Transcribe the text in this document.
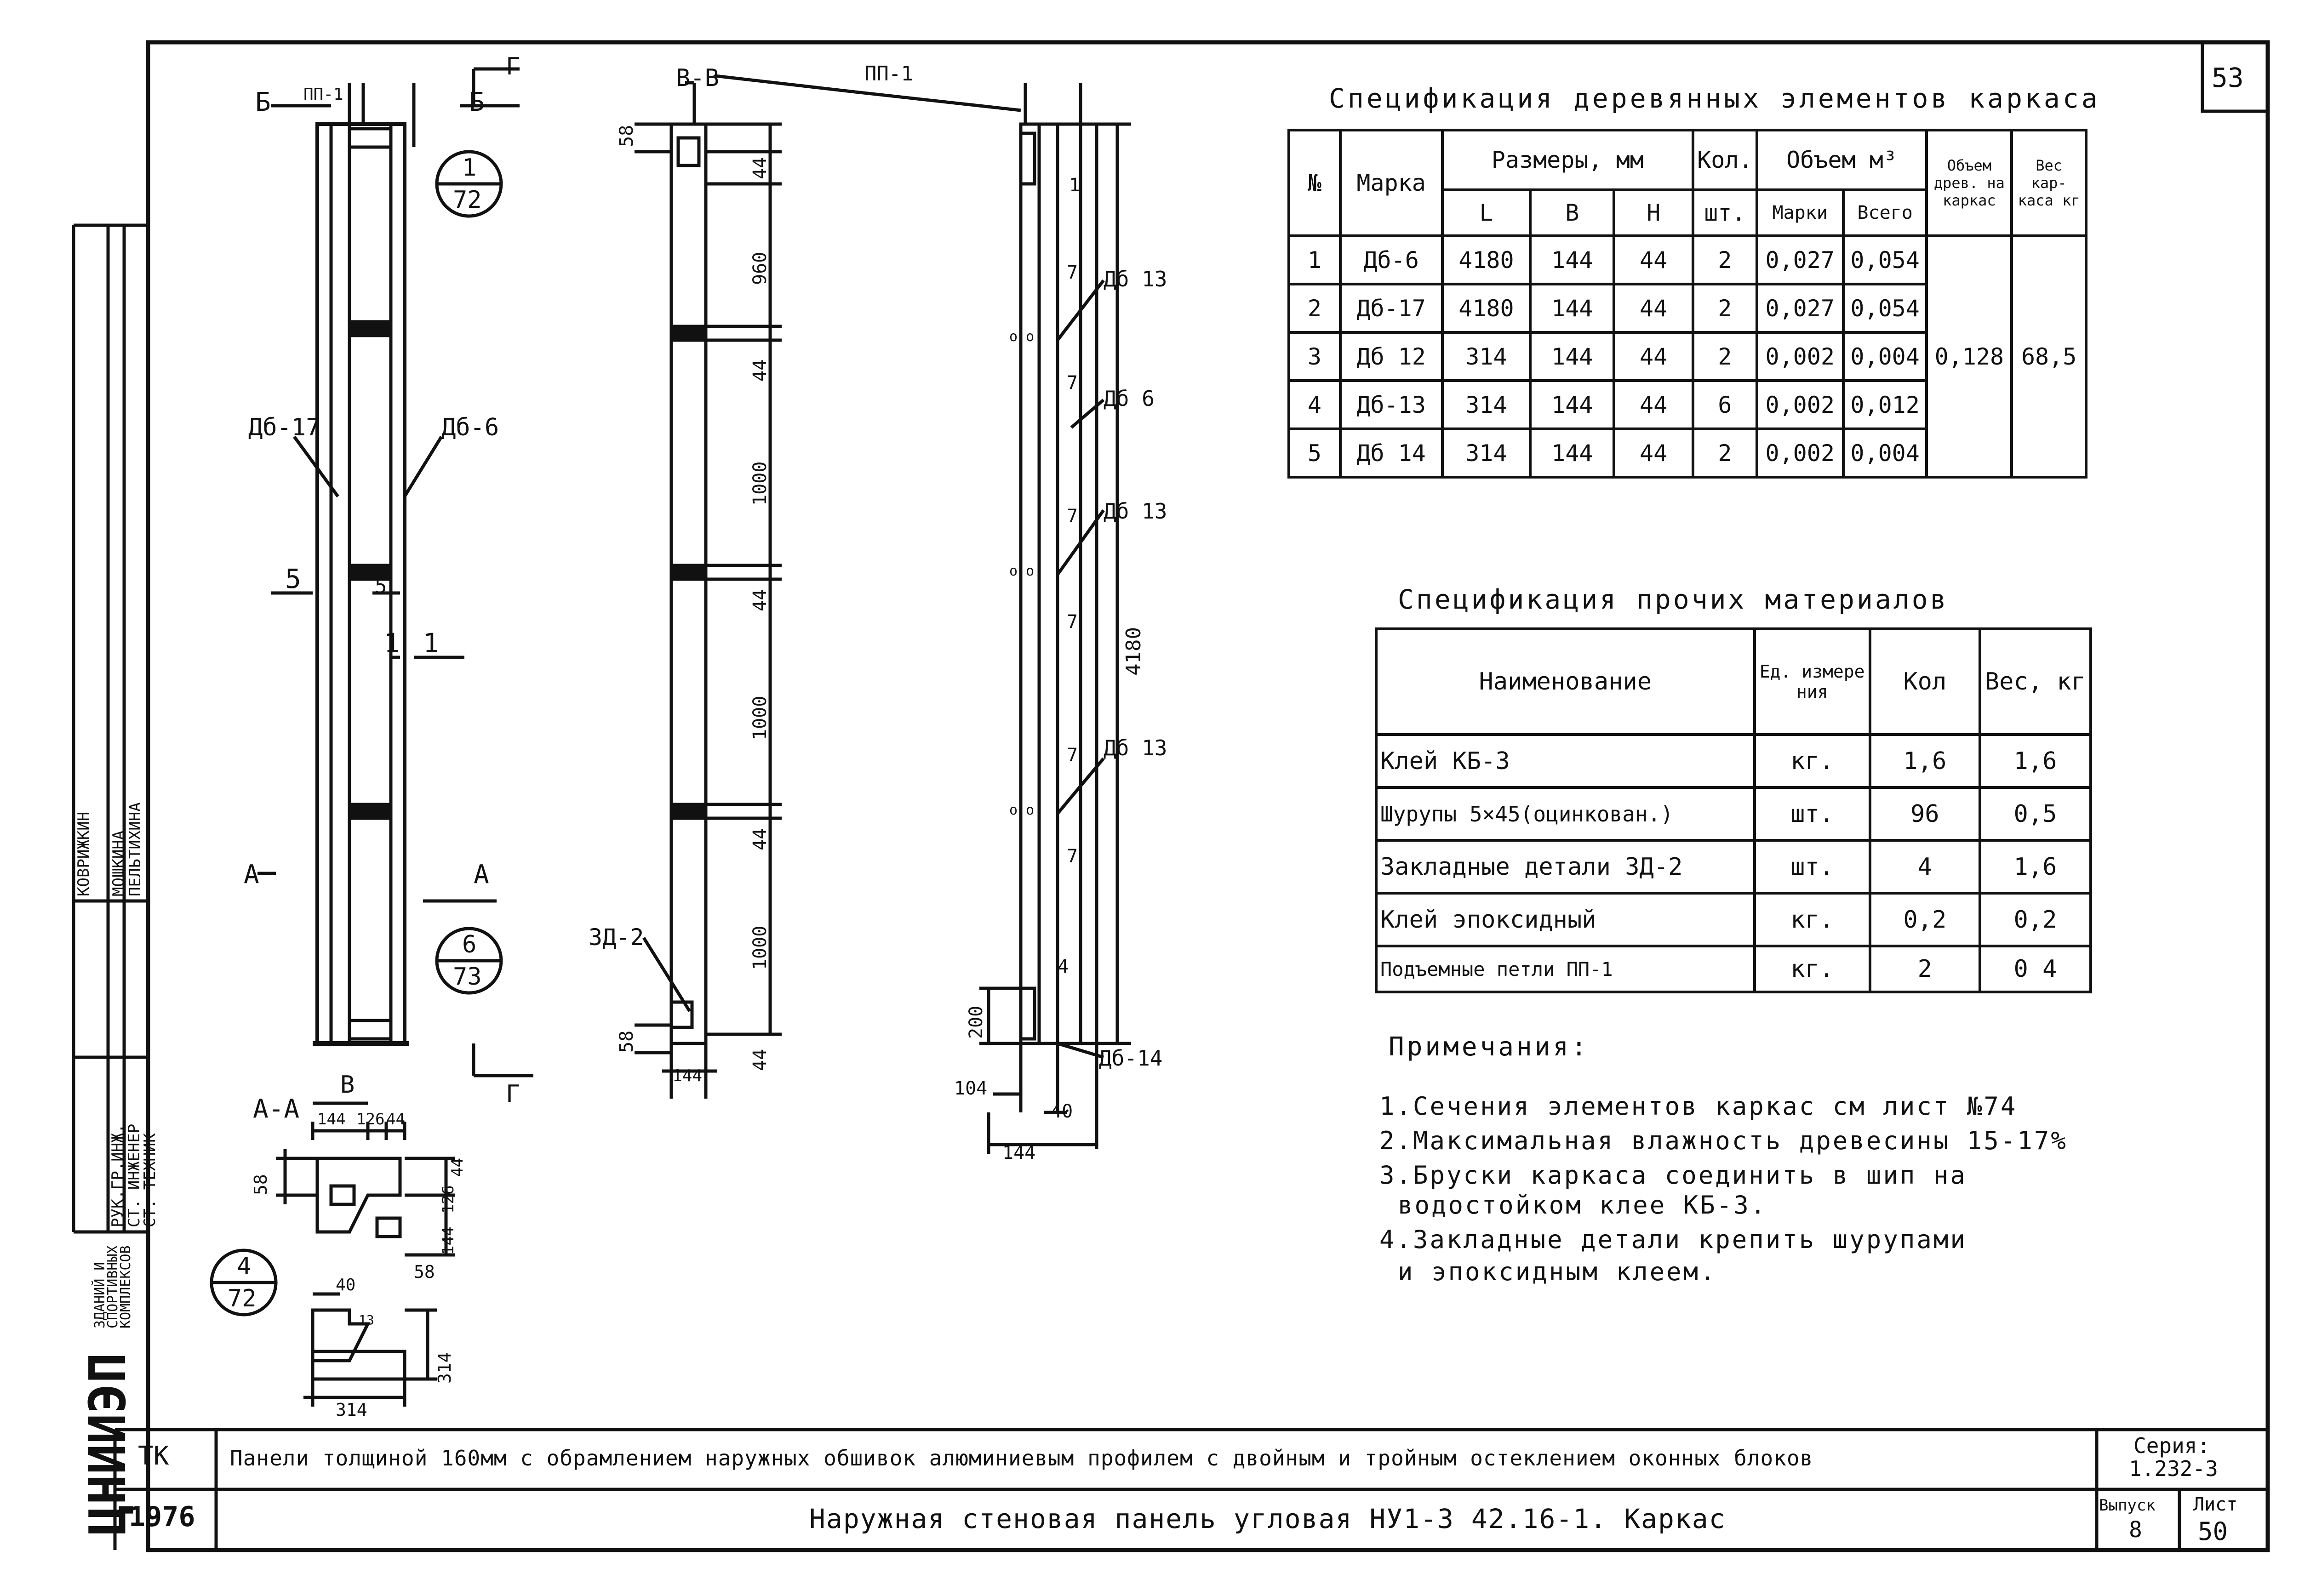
ЦНИИЭП
ЗДАНИЙ И
СПОРТИВНЫХ
КОМПЛЕКСОВ
РУК.ГР.ИНЖ.
СТ. ИНЖЕНЕР
СТ. ТЕХНИК
КОВРИЖКИН МОШКИНА
ПЕЛЬТИХИНА
53
ТК
1976
Панели толщиной 160мм с обрамлением наружных обшивок алюминиевым профилем с двойным и тройным остеклением оконных блоков
Наружная стеновая панель угловая НУ1-3 42.16-1. Каркас
Серия:
1.232-3
Выпуск
8
Лист
50
Спецификация деревянных элементов каркаса
№	Марка	Размеры, мм			Кол.	Объем м³		Объем древ. на каркас	Вес кар-каса кг
		L	В	Н	шт.	Марки	Всего		
1	Дб-6	4180	144	44	2	0,027	0,054	0,128	68,5
2	Дб-17	4180	144	44	2	0,027	0,054		
3	Дб 12	314	144	44	2	0,002	0,004		
4	Дб-13	314	144	44	6	0,002	0,012		
5	Дб 14	314	144	44	2	0,002	0,004		
Спецификация прочих материалов
Наименование	Ед. измере ния	Кол	Вес, кг
Клей КБ-3	кг.	1,6	1,6
Шурупы 5×45(оцинкован.)	шт.	96	0,5
Закладные детали ЗД-2	шт.	4	1,6
Клей эпоксидный	кг.	0,2	0,2
Подъемные петли ПП-1	кг.	2	0 4
Примечания:
1.Сечения элементов каркас см лист №74
2.Максимальная влажность древесины 15-17%
3.Бруски каркаса соединить в шип на
водостойком клее КБ-3.
4.Закладные детали крепить шурупами
и эпоксидным клеем.
Б ПП-1	Б
Г	В-В	ПП-1
Дб-17	Дб-6
5	5
1 1
А	А
В	Г
А-А
ЗД-2
Дб 13
Дб 6
Дб 13
Дб 13
Дб-14
7
7
7
7
7
7
4
1
о о
о о
о о
1
72
6
73
4
72
58
44
960
44
1000
44
1000
44
1000
58
44
144
4180
200
104
40
144
144 126 44
58
44
126
144
58
40
13
314
314
